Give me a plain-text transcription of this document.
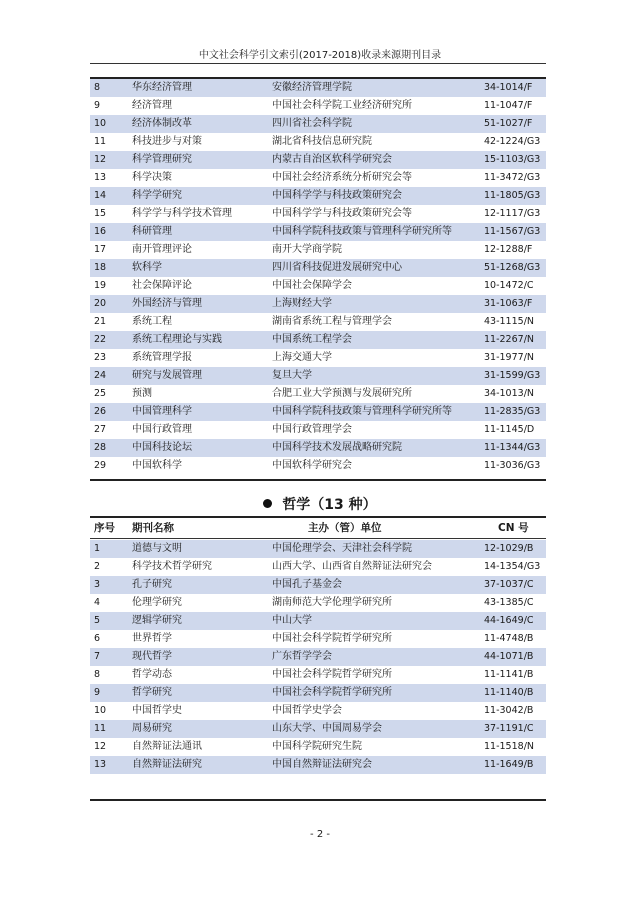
中文社会科学引文索引(2017-2018)收录来源期刊目录
8	华东经济管理	安徽经济管理学院	34-1014/F
9	经济管理	中国社会科学院工业经济研究所	11-1047/F
10	经济体制改革	四川省社会科学院	51-1027/F
11	科技进步与对策	湖北省科技信息研究院	42-1224/G3
12	科学管理研究	内蒙古自治区软科学研究会	15-1103/G3
13	科学决策	中国社会经济系统分析研究会等	11-3472/G3
14	科学学研究	中国科学学与科技政策研究会	11-1805/G3
15	科学学与科学技术管理	中国科学学与科技政策研究会等	12-1117/G3
16	科研管理	中国科学院科技政策与管理科学研究所等	11-1567/G3
17	南开管理评论	南开大学商学院	12-1288/F
18	软科学	四川省科技促进发展研究中心	51-1268/G3
19	社会保障评论	中国社会保障学会	10-1472/C
20	外国经济与管理	上海财经大学	31-1063/F
21	系统工程	湖南省系统工程与管理学会	43-1115/N
22	系统工程理论与实践	中国系统工程学会	11-2267/N
23	系统管理学报	上海交通大学	31-1977/N
24	研究与发展管理	复旦大学	31-1599/G3
25	预测	合肥工业大学预测与发展研究所	34-1013/N
26	中国管理科学	中国科学院科技政策与管理科学研究所等	11-2835/G3
27	中国行政管理	中国行政管理学会	11-1145/D
28	中国科技论坛	中国科学技术发展战略研究院	11-1344/G3
29	中国软科学	中国软科学研究会	11-3036/G3
哲学（13 种）
序号	期刊名称	主办（管）单位	CN 号
1	道德与文明	中国伦理学会、天津社会科学院	12-1029/B
2	科学技术哲学研究	山西大学、山西省自然辩证法研究会	14-1354/G3
3	孔子研究	中国孔子基金会	37-1037/C
4	伦理学研究	湖南师范大学伦理学研究所	43-1385/C
5	逻辑学研究	中山大学	44-1649/C
6	世界哲学	中国社会科学院哲学研究所	11-4748/B
7	现代哲学	广东哲学学会	44-1071/B
8	哲学动态	中国社会科学院哲学研究所	11-1141/B
9	哲学研究	中国社会科学院哲学研究所	11-1140/B
10	中国哲学史	中国哲学史学会	11-3042/B
11	周易研究	山东大学、中国周易学会	37-1191/C
12	自然辩证法通讯	中国科学院研究生院	11-1518/N
13	自然辩证法研究	中国自然辩证法研究会	11-1649/B
- 2 -
